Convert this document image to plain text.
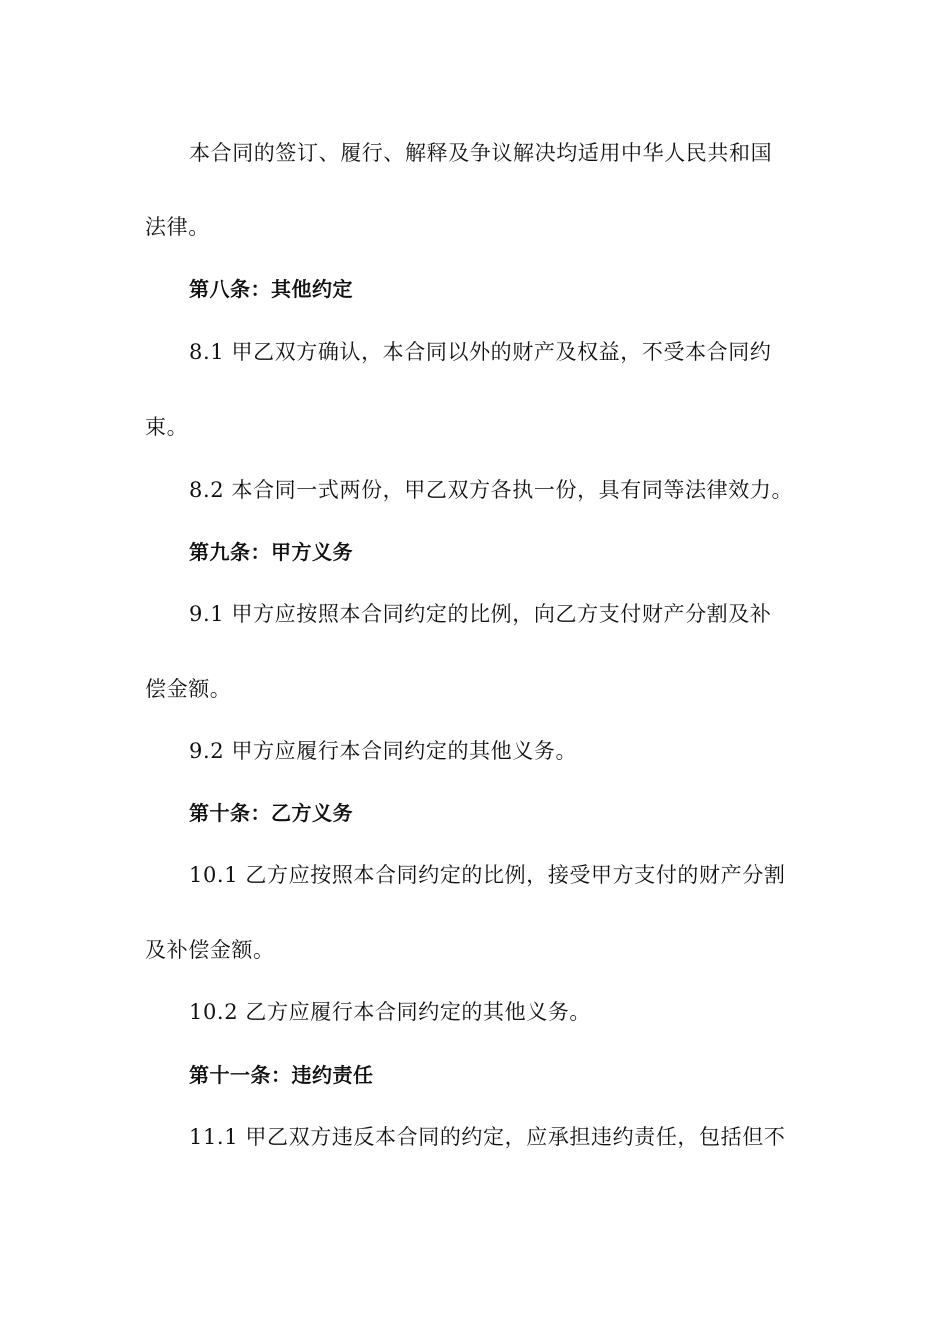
本合同的签订、履行、解释及争议解决均适用中华人民共和国
法律。
第八条：其他约定
8.1 甲乙双方确认，本合同以外的财产及权益，不受本合同约
束。
8.2 本合同一式两份，甲乙双方各执一份，具有同等法律效力。
第九条：甲方义务
9.1 甲方应按照本合同约定的比例，向乙方支付财产分割及补
偿金额。
9.2 甲方应履行本合同约定的其他义务。
第十条：乙方义务
10.1 乙方应按照本合同约定的比例，接受甲方支付的财产分割
及补偿金额。
10.2 乙方应履行本合同约定的其他义务。
第十一条：违约责任
11.1 甲乙双方违反本合同的约定，应承担违约责任，包括但不
